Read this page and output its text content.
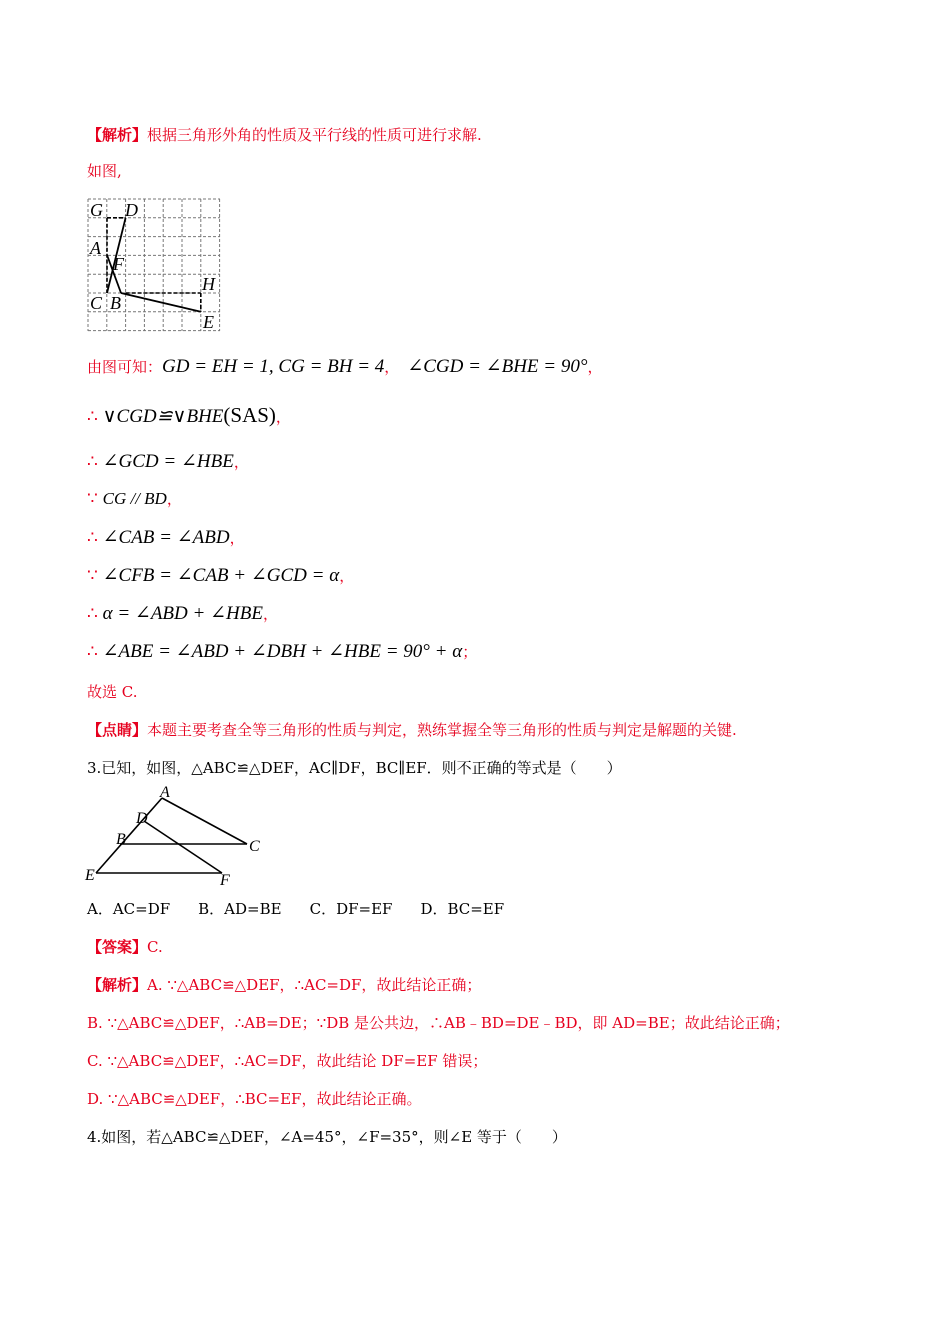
【解析】根据三角形外角的性质及平行线的性质可进行求解.
如图,
G D
A
F
H
C B
E
由图可知：GD = EH = 1, CG = BH = 4， ∠CGD = ∠BHE = 90°，
∴ ∨CGD≌∨BHE(SAS)，
∴ ∠GCD = ∠HBE，
∵ CG // BD，
∴ ∠CAB = ∠ABD，
∵ ∠CFB = ∠CAB + ∠GCD = α，
∴ α = ∠ABD + ∠HBE，
∴ ∠ABE = ∠ABD + ∠DBH + ∠HBE = 90° + α；
故选 C.
【点睛】本题主要考查全等三角形的性质与判定，熟练掌握全等三角形的性质与判定是解题的关键.
3.已知，如图，△ABC≌△DEF，AC∥DF，BC∥EF．则不正确的等式是（　　）
A
D
B	C
E	F
A．AC=DF B．AD=BE C．DF=EF D．BC=EF
【答案】C.
【解析】A. ∵△ABC≌△DEF，∴AC=DF，故此结论正确；
B. ∵△ABC≌△DEF，∴AB=DE；∵DB 是公共边，∴AB﹣BD=DE﹣BD，即 AD=BE；故此结论正确；
C. ∵△ABC≌△DEF，∴AC=DF，故此结论 DF=EF 错误；
D. ∵△ABC≌△DEF，∴BC=EF，故此结论正确。
4.如图，若△ABC≌△DEF，∠A=45°，∠F=35°，则∠E 等于（　　）
